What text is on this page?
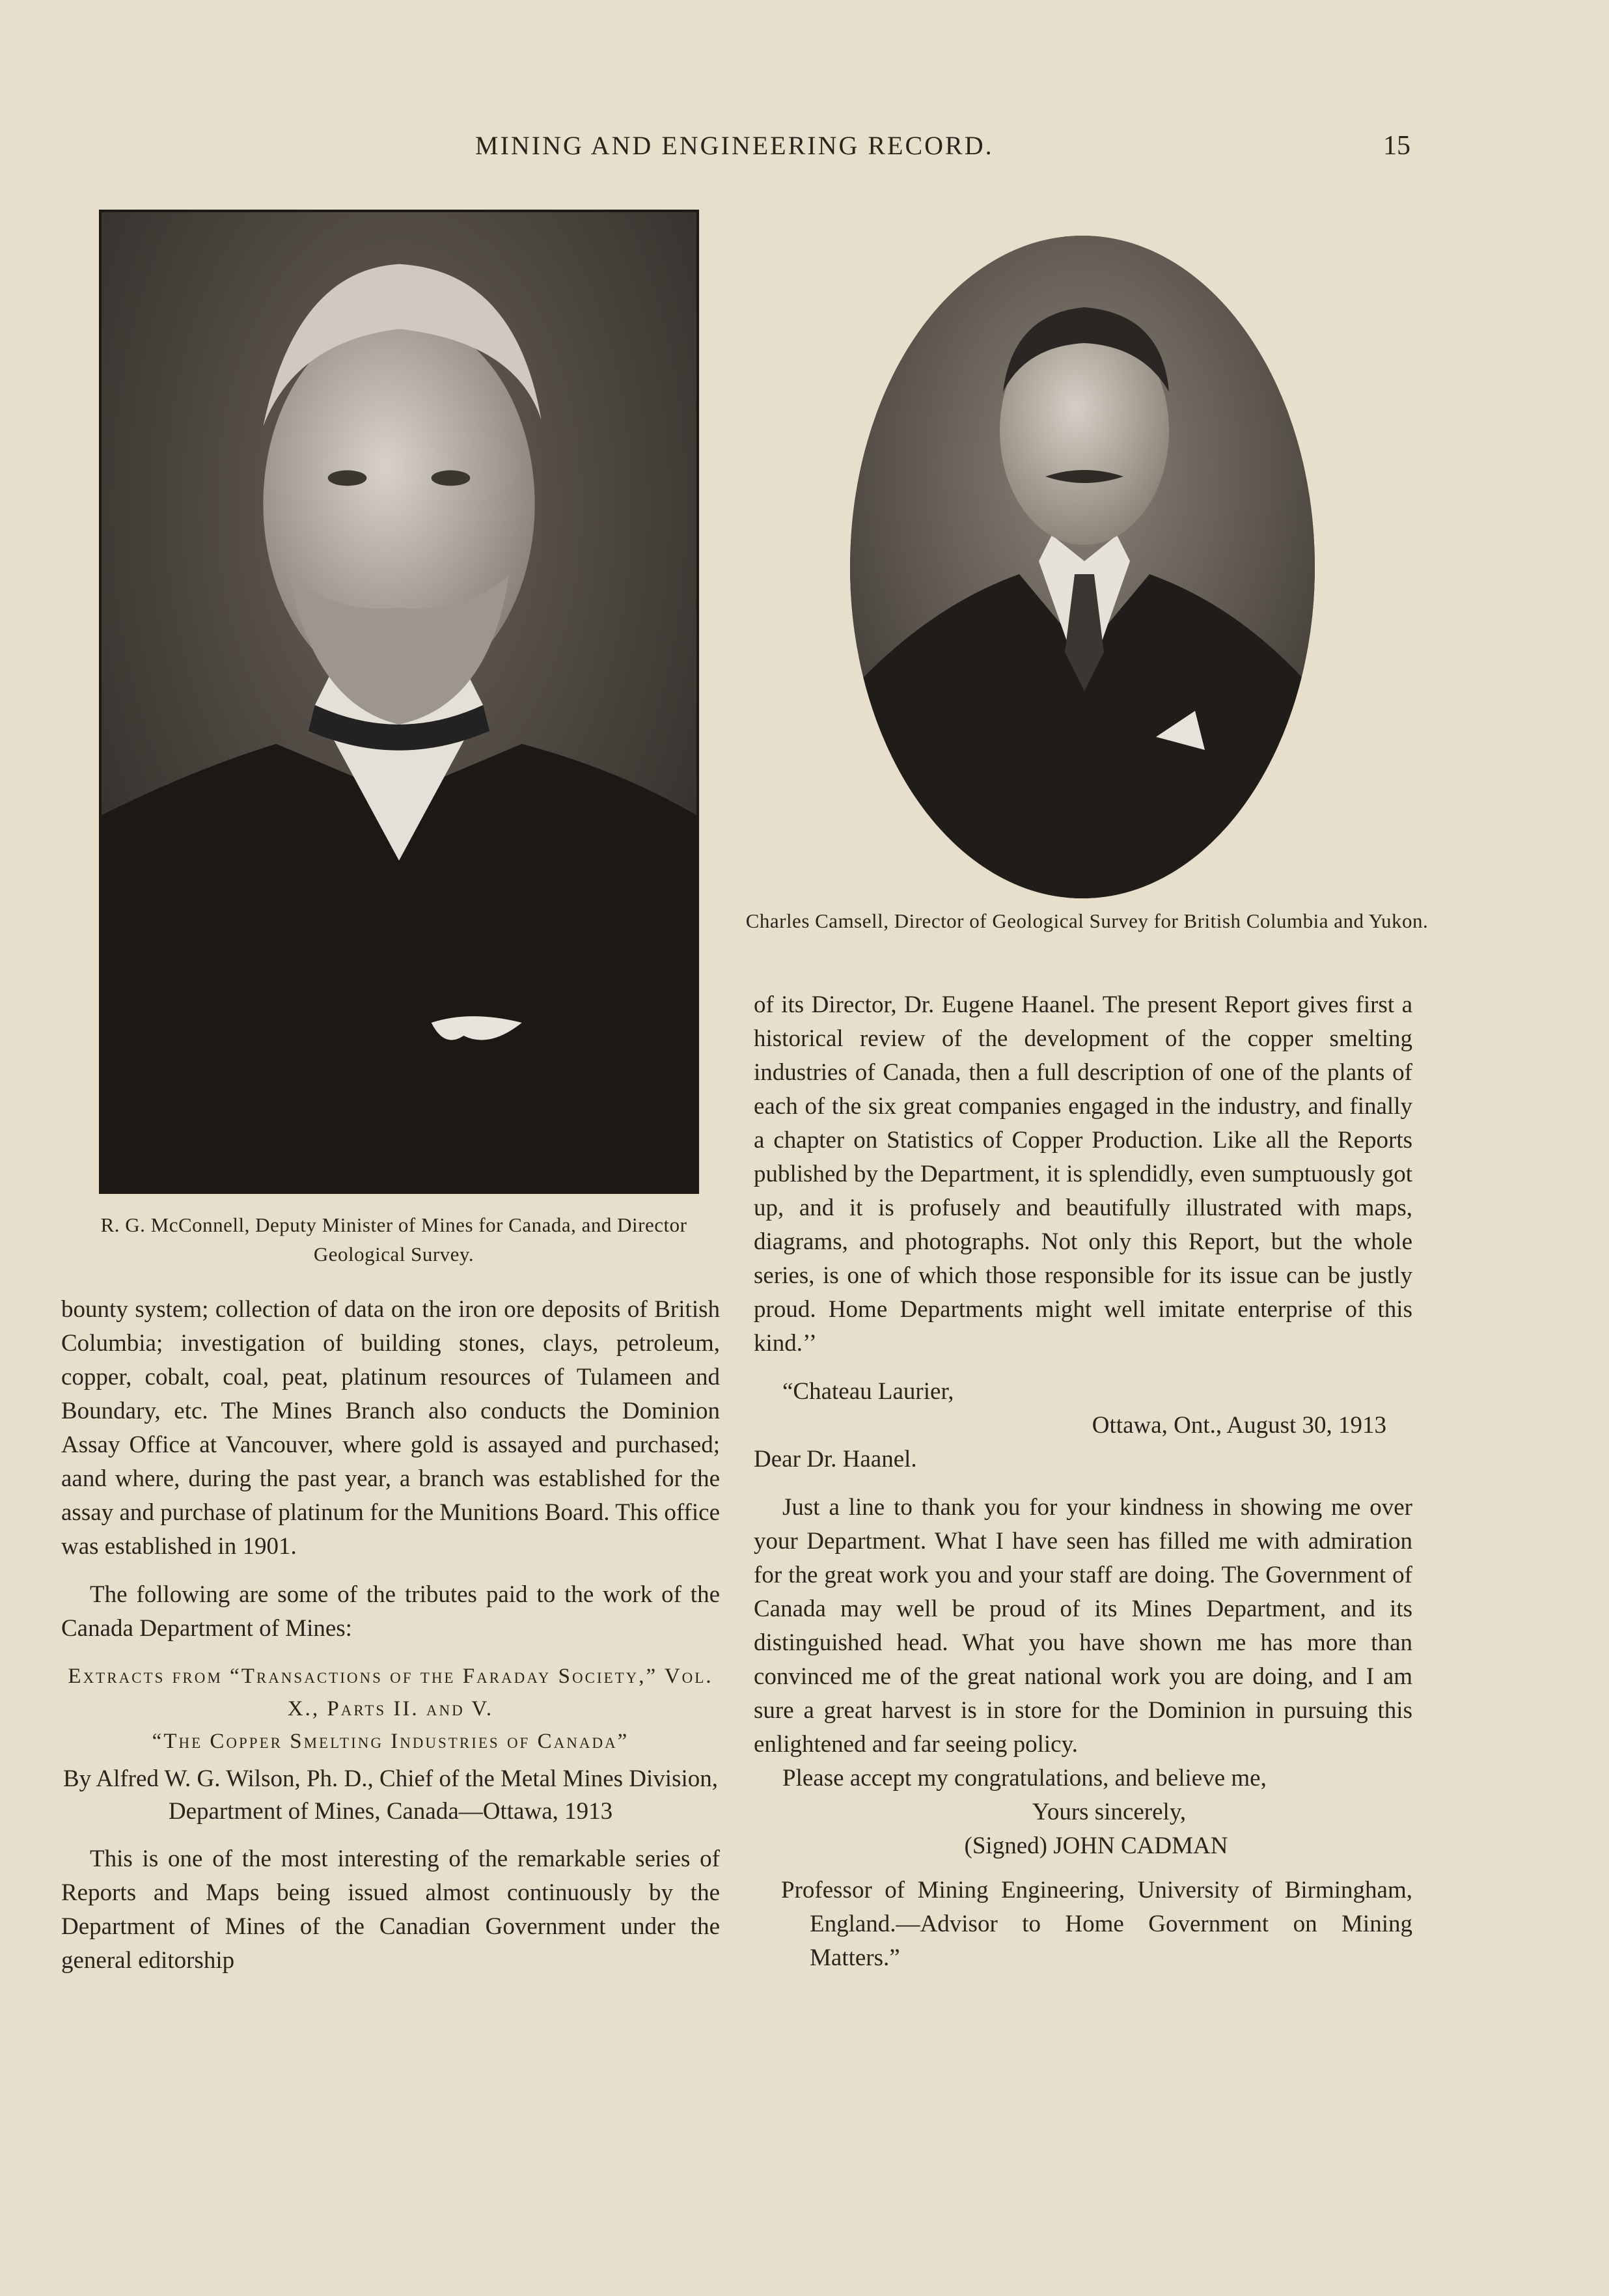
MINING AND ENGINEERING RECORD.	15
R. G. McConnell, Deputy Minister of Mines for Canada, and Director Geological Survey.
Charles Camsell, Director of Geological Survey for British Columbia and Yukon.

bounty system; collection of data on the iron ore deposits of British Columbia; investigation of building stones, clays, petroleum, copper, cobalt, coal, peat, platinum resources of Tulameen and Boundary, etc. The Mines Branch also conducts the Dominion Assay Office at Vancouver, where gold is assayed and purchased; aand where, during the past year, a branch was established for the assay and purchase of platinum for the Munitions Board. This office was established in 1901.

The following are some of the tributes paid to the work of the Canada Department of Mines:

Extracts from “Transactions of the Faraday Society,” Vol. X., Parts II. and V.

“The Copper Smelting Industries of Canada”

By Alfred W. G. Wilson, Ph. D., Chief of the Metal Mines Division, Department of Mines, Canada—Ottawa, 1913

This is one of the most interesting of the remarkable series of Reports and Maps being issued almost continuously by the Department of Mines of the Canadian Government under the general editorship

of its Director, Dr. Eugene Haanel. The present Report gives first a historical review of the development of the copper smelting industries of Canada, then a full description of one of the plants of each of the six great companies engaged in the industry, and finally a chapter on Statistics of Copper Production. Like all the Reports published by the Department, it is splendidly, even sumptuously got up, and it is profusely and beautifully illustrated with maps, diagrams, and photographs. Not only this Report, but the whole series, is one of which those responsible for its issue can be justly proud. Home Departments might well imitate enterprise of this kind.’’

“Chateau Laurier,

Ottawa, Ont., August 30, 1913

Dear Dr. Haanel.

Just a line to thank you for your kindness in showing me over your Department. What I have seen has filled me with admiration for the great work you and your staff are doing. The Government of Canada may well be proud of its Mines Department, and its distinguished head. What you have shown me has more than convinced me of the great national work you are doing, and I am sure a great harvest is in store for the Dominion in pursuing this enlightened and far seeing policy.

Please accept my congratulations, and believe me,

Yours sincerely,

(Signed) JOHN CADMAN

Professor of Mining Engineering, University of Birmingham, England.—Advisor to Home Government on Mining Matters.”
